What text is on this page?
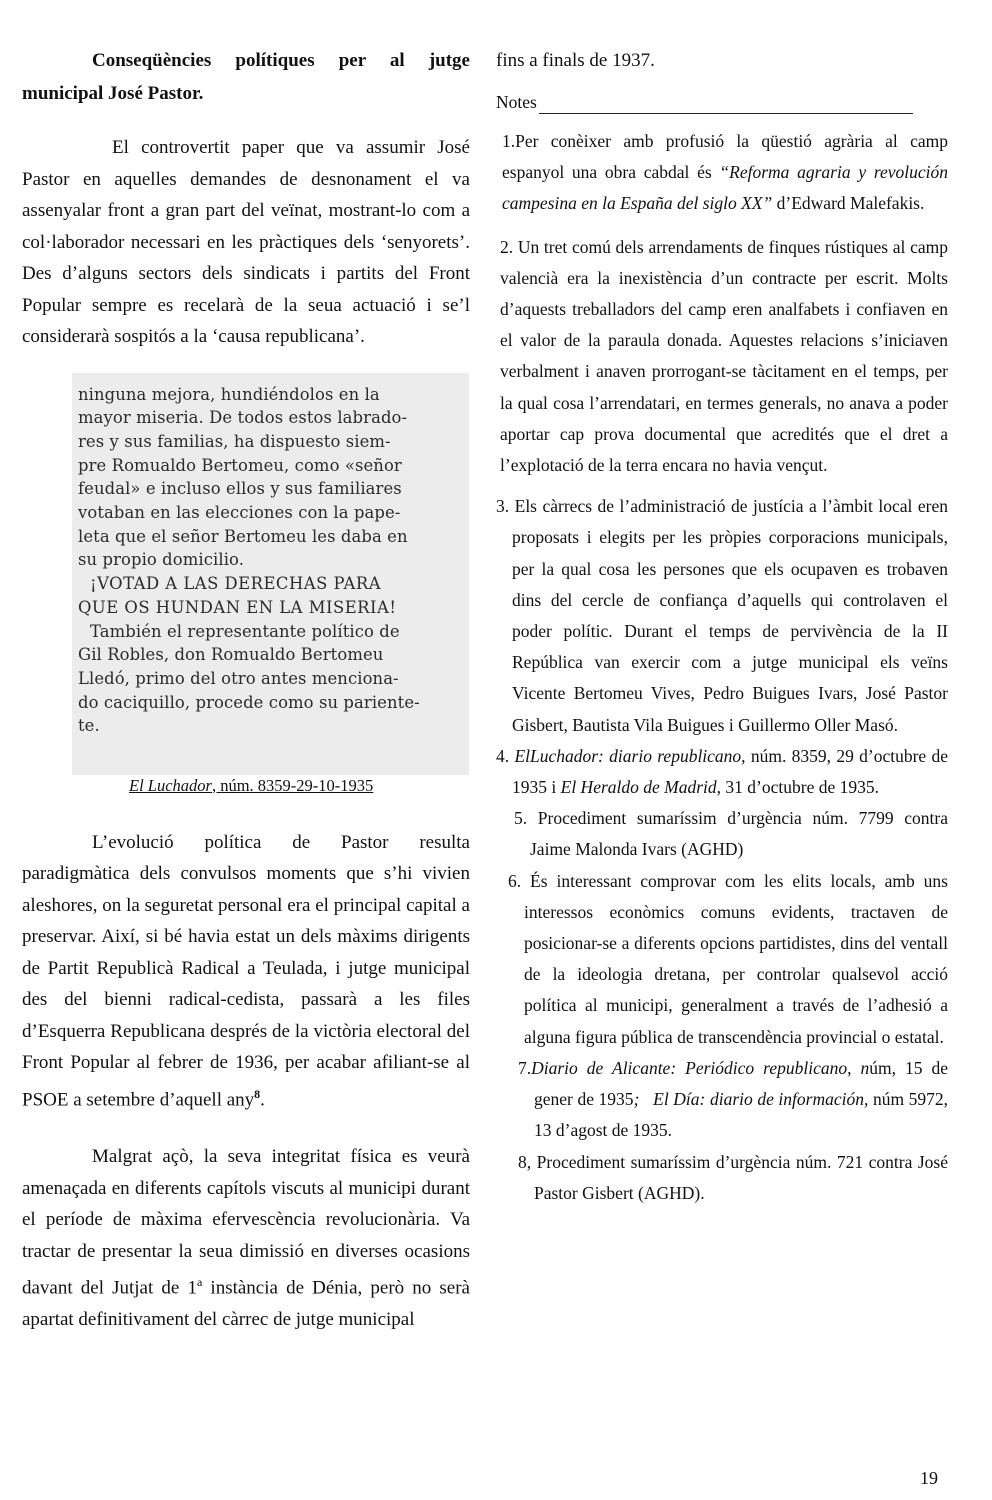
Conseqüències polítiques per al jutge municipal José Pastor.

El controvertit paper que va assumir José Pastor en aquelles demandes de desnonament el va assenyalar front a gran part del veïnat, mostrant-lo com a col·laborador necessari en les pràctiques dels ‘senyorets’. Des d’alguns sectors dels sindicats i partits del Front Popular sempre es recelarà de la seua actuació i se’l considerarà sospitós a la ‘causa republicana’.

ninguna mejora, hundiéndolos en la
mayor miseria. De todos estos labrado-
res y sus familias, ha dispuesto siem-
pre Romualdo Bertomeu, como «señor
feudal» e incluso ellos y sus familiares
votaban en las elecciones con la pape-
leta que el señor Bertomeu les daba en
su propio domicilio.
¡VOTAD A LAS DERECHAS PARA
QUE OS HUNDAN EN LA MISERIA!
También el representante político de
Gil Robles, don Romualdo Bertomeu
Lledó, primo del otro antes menciona-
do caciquillo, procede como su pariente-
te.

El Luchador, núm. 8359-29-10-1935

L’evolució política de Pastor resulta paradigmàtica dels convulsos moments que s’hi vivien aleshores, on la seguretat personal era el principal capital a preservar. Així, si bé havia estat un dels màxims dirigents de Partit Republicà Radical a Teulada, i jutge municipal des del bienni radical-cedista, passarà a les files d’Esquerra Republicana després de la victòria electoral del Front Popular al febrer de 1936, per acabar afiliant-se al PSOE a setembre d’aquell any$^8$.

Malgrat açò, la seva integritat física es veurà amenaçada en diferents capítols viscuts al municipi durant el període de màxima efervescència revolucionària. Va tractar de presentar la seua dimissió en diverses ocasions davant del Jutjat de 1$^a$ instància de Dénia, però no serà apartat definitivament del càrrec de jutge municipal

fins a finals de 1937.

Notes

1.Per conèixer amb profusió la qüestió agrària al camp espanyol una obra cabdal és “Reforma agraria y revolución campesina en la España del siglo XX” d’Edward Malefakis.

2. Un tret comú dels arrendaments de finques rústiques al camp valencià era la inexistència d’un contracte per escrit. Molts d’aquests treballadors del camp eren analfabets i confiaven en el valor de la paraula donada. Aquestes relacions s’iniciaven verbalment i anaven prorrogant-se tàcitament en el temps, per la qual cosa l’arrendatari, en termes generals, no anava a poder aportar cap prova documental que acredités que el dret a l’explotació de la terra encara no havia vençut.

3. Els càrrecs de l’administració de justícia a l’àmbit local eren proposats i elegits per les pròpies corporacions municipals, per la qual cosa les persones que els ocupaven es trobaven dins del cercle de confiança d’aquells qui controlaven el poder polític. Durant el temps de pervivència de la II República van exercir com a jutge municipal els veïns Vicente Bertomeu Vives, Pedro Buigues Ivars, José Pastor Gisbert, Bautista Vila Buigues i Guillermo Oller Masó.

4. ElLuchador: diario republicano, núm. 8359, 29 d’octubre de 1935 i El Heraldo de Madrid, 31 d’octubre de 1935.

5. Procediment sumaríssim d’urgència núm. 7799 contra Jaime Malonda Ivars (AGHD)

6. És interessant comprovar com les elits locals, amb uns interessos econòmics comuns evidents, tractaven de posicionar-se a diferents opcions partidistes, dins del ventall de la ideologia dretana, per controlar qualsevol acció política al municipi, generalment a través de l’adhesió a alguna figura pública de transcendència provincial o estatal.

7.Diario de Alicante: Periódico republicano, núm, 15 de gener de 1935; El Día: diario de información, núm 5972, 13 d’agost de 1935.

8, Procediment sumaríssim d’urgència núm. 721 contra José Pastor Gisbert (AGHD).

19
